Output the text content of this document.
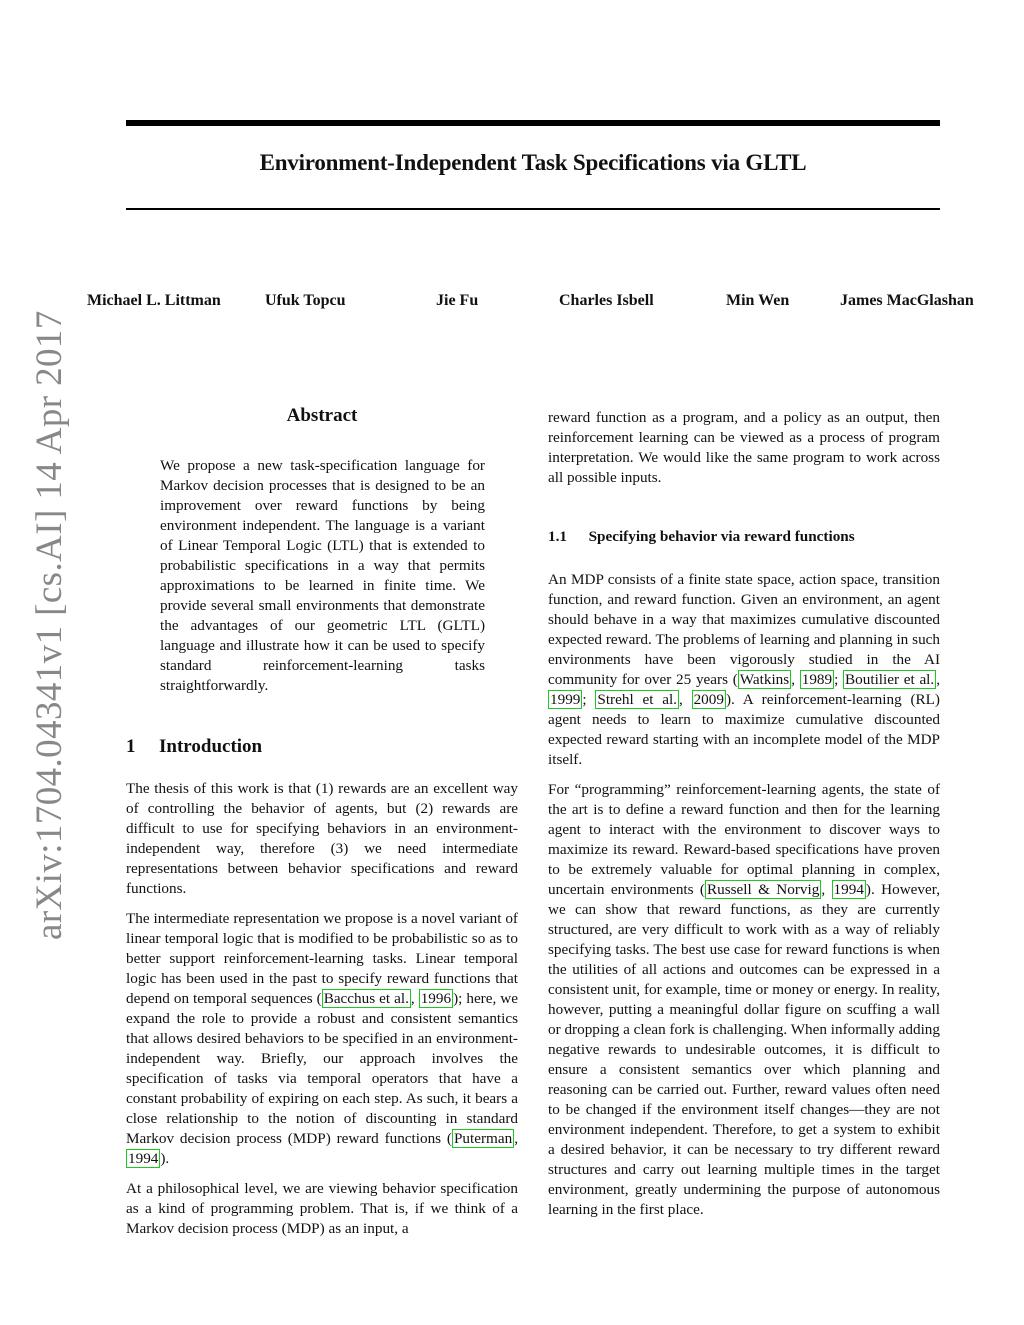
Environment-Independent Task Specifications via GLTL
Michael L. Littman	Ufuk Topcu	Jie Fu	Charles Isbell	Min Wen	James MacGlashan
arXiv:1704.04341v1 [cs.AI] 14 Apr 2017	Abstract
We propose a new task-specification language for Markov decision processes that is designed to be an improvement over reward functions by being environment independent. The language is a variant of Linear Temporal Logic (LTL) that is extended to probabilistic specifications in a way that permits approximations to be learned in finite time. We provide several small environments that demonstrate the advantages of our geometric LTL (GLTL) language and illustrate how it can be used to specify standard reinforcement-learning tasks straightforwardly.
1 Introduction

The thesis of this work is that (1) rewards are an excellent way of controlling the behavior of agents, but (2) rewards are difficult to use for specifying behaviors in an environment-independent way, therefore (3) we need intermediate representations between behavior specifications and reward functions.

The intermediate representation we propose is a novel variant of linear temporal logic that is modified to be probabilistic so as to better support reinforcement-learning tasks. Linear temporal logic has been used in the past to specify reward functions that depend on temporal sequences ( Bacchus et al. , 1996 ); here, we expand the role to provide a robust and consistent semantics that allows desired behaviors to be specified in an environment-independent way. Briefly, our approach involves the specification of tasks via temporal operators that have a constant probability of expiring on each step. As such, it bears a close relationship to the notion of discounting in standard Markov decision process (MDP) reward functions ( Puterman , 1994 ).

At a philosophical level, we are viewing behavior specification as a kind of programming problem. That is, if we think of a Markov decision process (MDP) as an input, a

reward function as a program, and a policy as an output, then reinforcement learning can be viewed as a process of program interpretation. We would like the same program to work across all possible inputs.

1.1 Specifying behavior via reward functions

An MDP consists of a finite state space, action space, transition function, and reward function. Given an environment, an agent should behave in a way that maximizes cumulative discounted expected reward. The problems of learning and planning in such environments have been vigorously studied in the AI community for over 25 years ( Watkins , 1989 ; Boutilier et al. , 1999 ; Strehl et al. , 2009 ). A reinforcement-learning (RL) agent needs to learn to maximize cumulative discounted expected reward starting with an incomplete model of the MDP itself.

For “programming” reinforcement-learning agents, the state of the art is to define a reward function and then for the learning agent to interact with the environment to discover ways to maximize its reward. Reward-based specifications have proven to be extremely valuable for optimal planning in complex, uncertain environments ( Russell & Norvig , 1994 ). However, we can show that reward functions, as they are currently structured, are very difficult to work with as a way of reliably specifying tasks. The best use case for reward functions is when the utilities of all actions and outcomes can be expressed in a consistent unit, for example, time or money or energy. In reality, however, putting a meaningful dollar figure on scuffing a wall or dropping a clean fork is challenging. When informally adding negative rewards to undesirable outcomes, it is difficult to ensure a consistent semantics over which planning and reasoning can be carried out. Further, reward values often need to be changed if the environment itself changes—they are not environment independent. Therefore, to get a system to exhibit a desired behavior, it can be necessary to try different reward structures and carry out learning multiple times in the target environment, greatly undermining the purpose of autonomous learning in the first place.
